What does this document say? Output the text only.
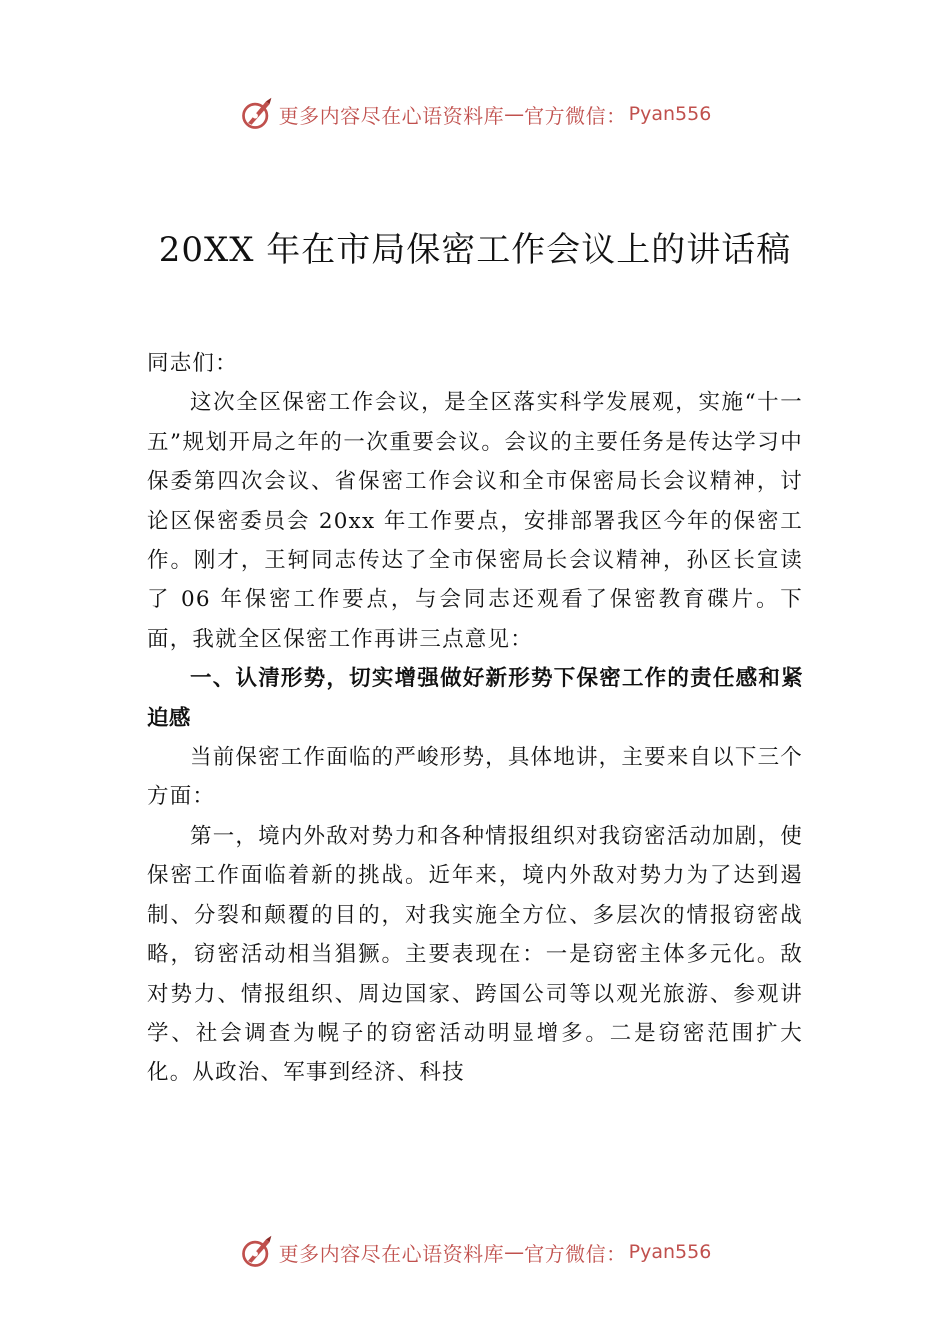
更多内容尽在心语资料库 — 官方微信： Pyan556
20XX 年在市局保密工作会议上的讲话稿

同志们：

这次全区保密工作会议，是全区落实科学发展观，实施“十一五”规划开局之年的一次重要会议。会议的主要任务是传达学习中保委第四次会议、省保密工作会议和全市保密局长会议精神，讨论区保密委员会 20xx 年工作要点，安排部署我区今年的保密工作。刚才，王轲同志传达了全市保密局长会议精神，孙区长宣读了 06 年保密工作要点，与会同志还观看了保密教育碟片。下面，我就全区保密工作再讲三点意见：

一、认清形势，切实增强做好新形势下保密工作的责任感和紧迫感

当前保密工作面临的严峻形势，具体地讲，主要来自以下三个方面：

第一，境内外敌对势力和各种情报组织对我窃密活动加剧，使保密工作面临着新的挑战。近年来，境内外敌对势力为了达到遏制、分裂和颠覆的目的，对我实施全方位、多层次的情报窃密战略，窃密活动相当猖獗。主要表现在：一是窃密主体多元化。敌对势力、情报组织、周边国家、跨国公司等以观光旅游、参观讲学、社会调查为幌子的窃密活动明显增多。二是窃密范围扩大化。从政治、军事到经济、科技

更多内容尽在心语资料库 — 官方微信： Pyan556
